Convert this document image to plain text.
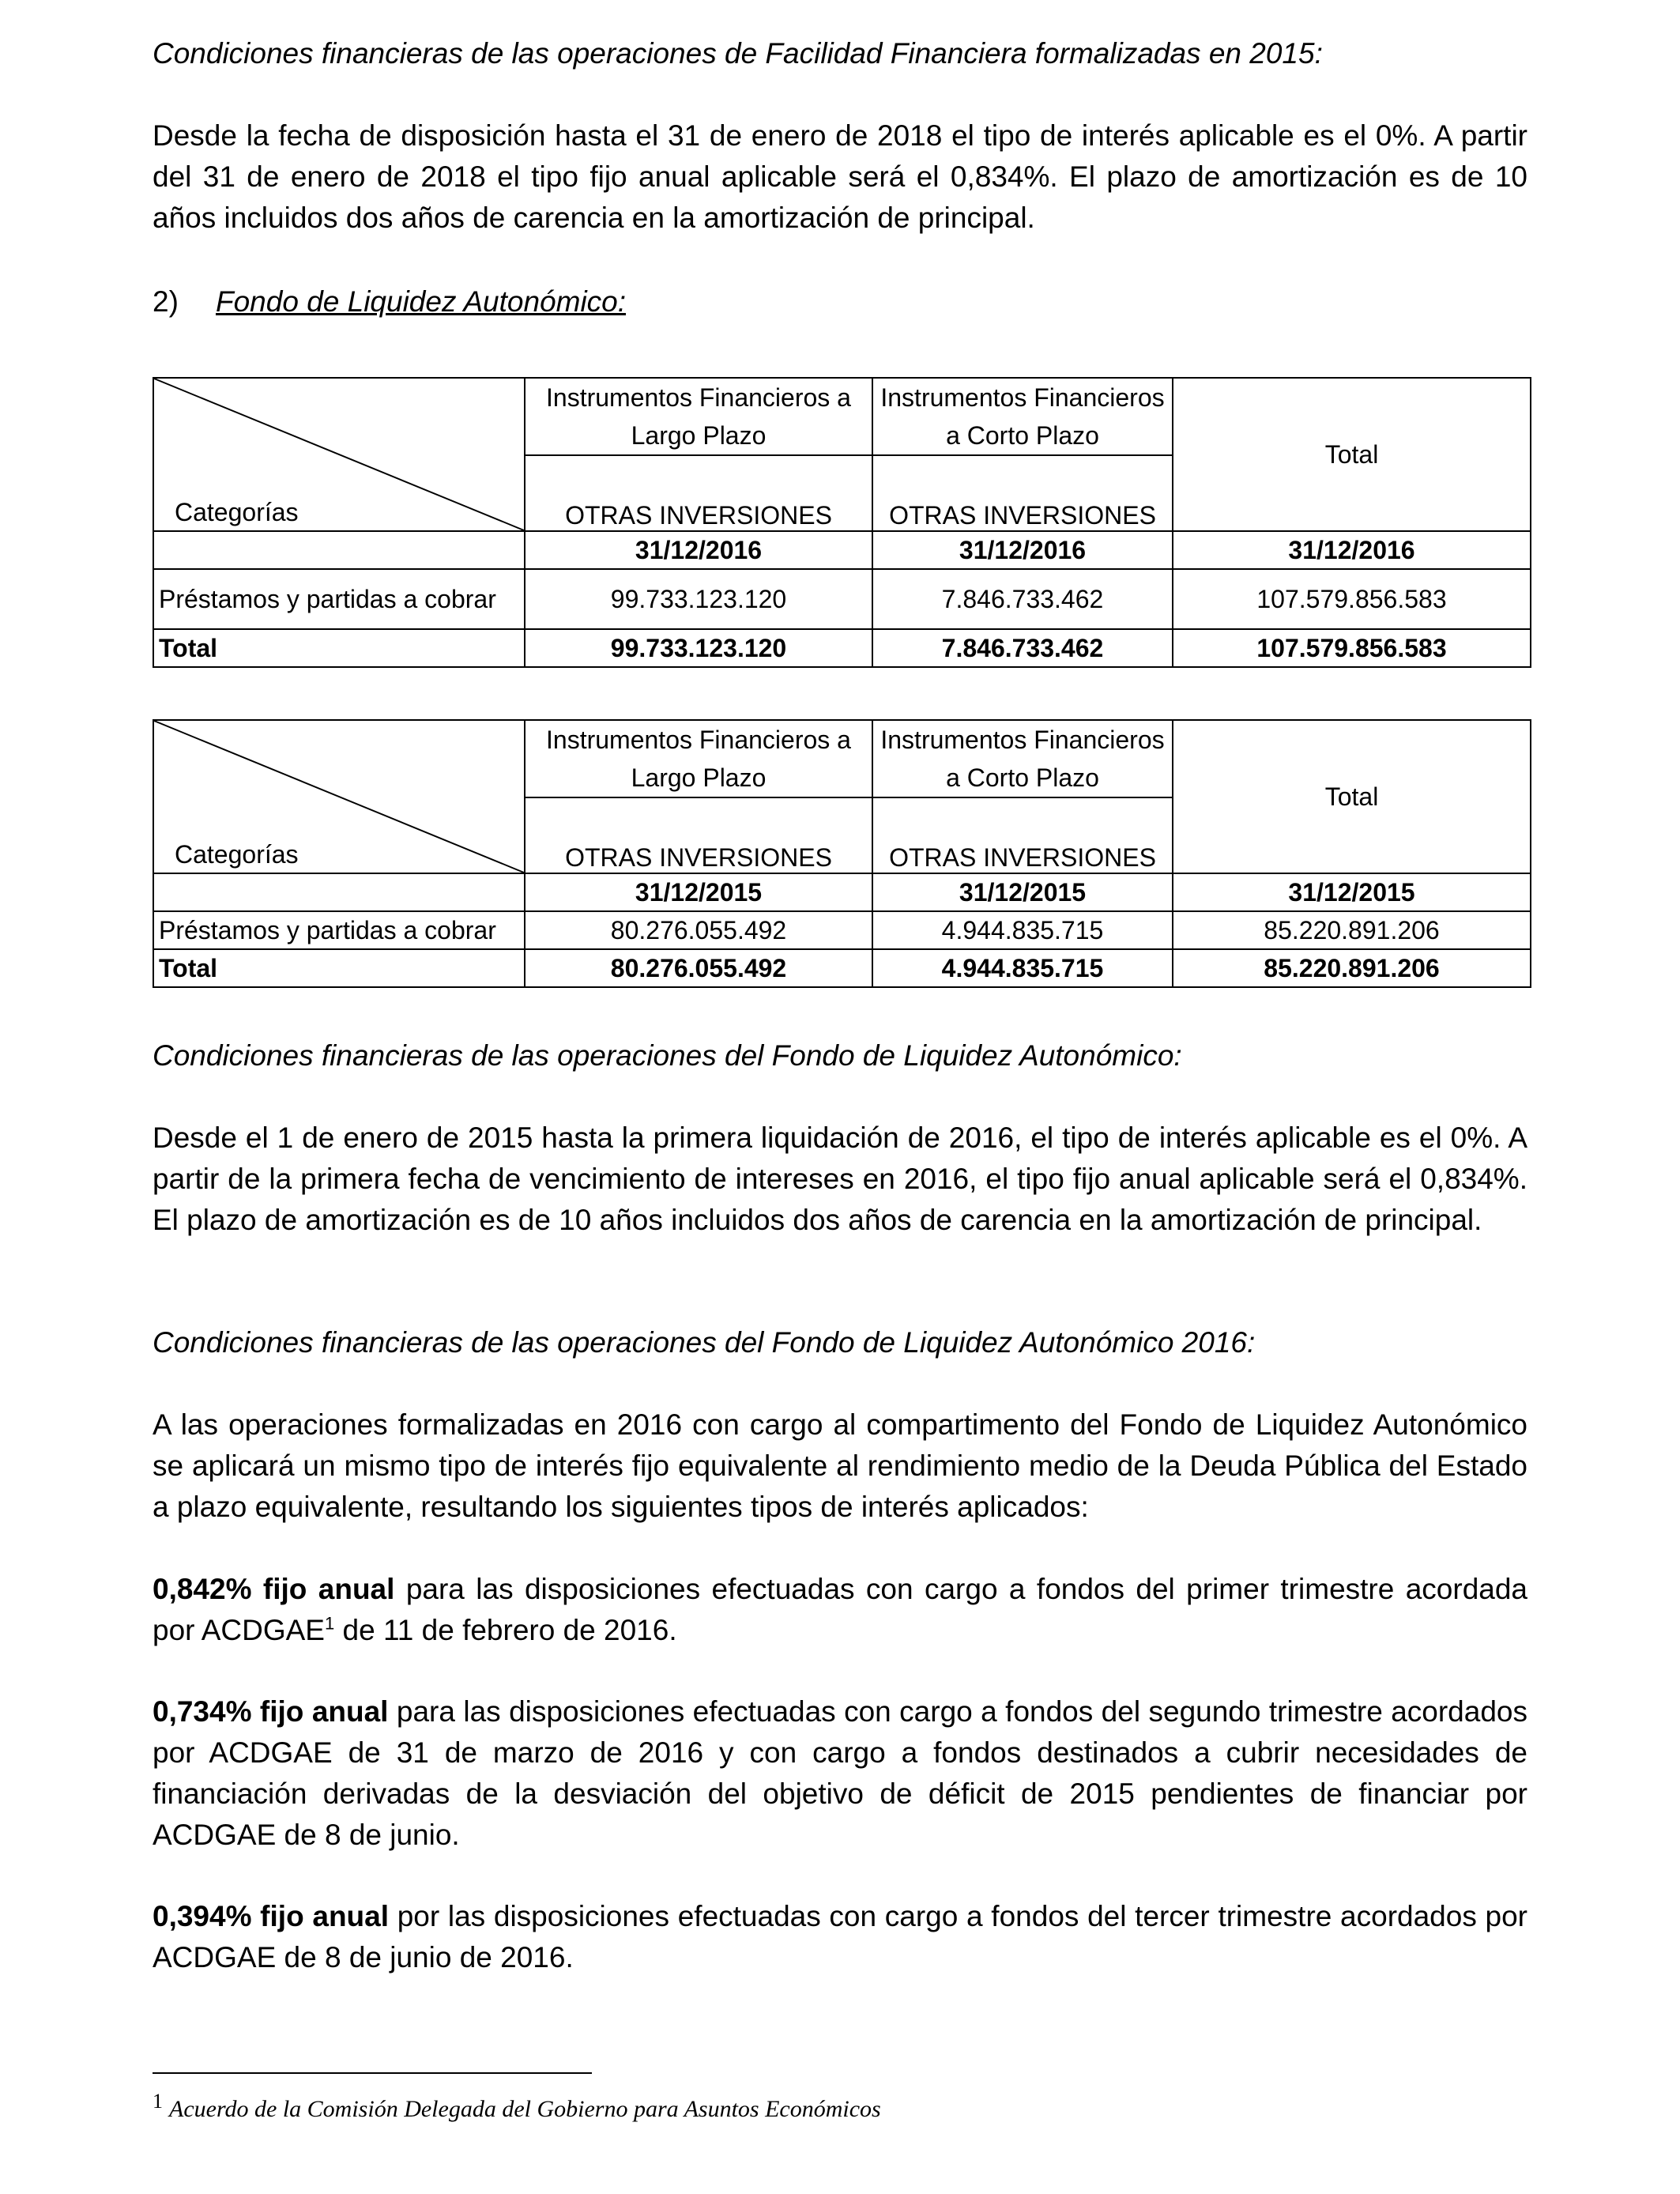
Condiciones financieras de las operaciones de Facilidad Financiera formalizadas en 2015:

Desde la fecha de disposición hasta el 31 de enero de 2018 el tipo de interés aplicable es el 0%. A partir del 31 de enero de 2018 el tipo fijo anual aplicable será el 0,834%. El plazo de amortización es de 10 años incluidos dos años de carencia en la amortización de principal.

2) Fondo de Liquidez Autonómico:
Categorías	Instrumentos Financieros a Largo Plazo	Instrumentos Financieros a Corto Plazo	Total
	OTRAS INVERSIONES	OTRAS INVERSIONES	
	31/12/2016	31/12/2016	31/12/2016
Préstamos y partidas a cobrar	99.733.123.120	7.846.733.462	107.579.856.583
Total	99.733.123.120	7.846.733.462	107.579.856.583
Categorías	Instrumentos Financieros a Largo Plazo	Instrumentos Financieros a Corto Plazo	Total
	OTRAS INVERSIONES	OTRAS INVERSIONES	
	31/12/2015	31/12/2015	31/12/2015
Préstamos y partidas a cobrar	80.276.055.492	4.944.835.715	85.220.891.206
Total	80.276.055.492	4.944.835.715	85.220.891.206

Condiciones financieras de las operaciones del Fondo de Liquidez Autonómico:

Desde el 1 de enero de 2015 hasta la primera liquidación de 2016, el tipo de interés aplicable es el 0%. A partir de la primera fecha de vencimiento de intereses en 2016, el tipo fijo anual aplicable será el 0,834%. El plazo de amortización es de 10 años incluidos dos años de carencia en la amortización de principal.

Condiciones financieras de las operaciones del Fondo de Liquidez Autonómico 2016:

A las operaciones formalizadas en 2016 con cargo al compartimento del Fondo de Liquidez Autonómico se aplicará un mismo tipo de interés fijo equivalente al rendimiento medio de la Deuda Pública del Estado a plazo equivalente, resultando los siguientes tipos de interés aplicados:

0,842% fijo anual para las disposiciones efectuadas con cargo a fondos del primer trimestre acordada por ACDGAE$^1$ de 11 de febrero de 2016.

0,734% fijo anual para las disposiciones efectuadas con cargo a fondos del segundo trimestre acordados por ACDGAE de 31 de marzo de 2016 y con cargo a fondos destinados a cubrir necesidades de financiación derivadas de la desviación del objetivo de déficit de 2015 pendientes de financiar por ACDGAE de 8 de junio.

0,394% fijo anual por las disposiciones efectuadas con cargo a fondos del tercer trimestre acordados por ACDGAE de 8 de junio de 2016.

1 Acuerdo de la Comisión Delegada del Gobierno para Asuntos Económicos
